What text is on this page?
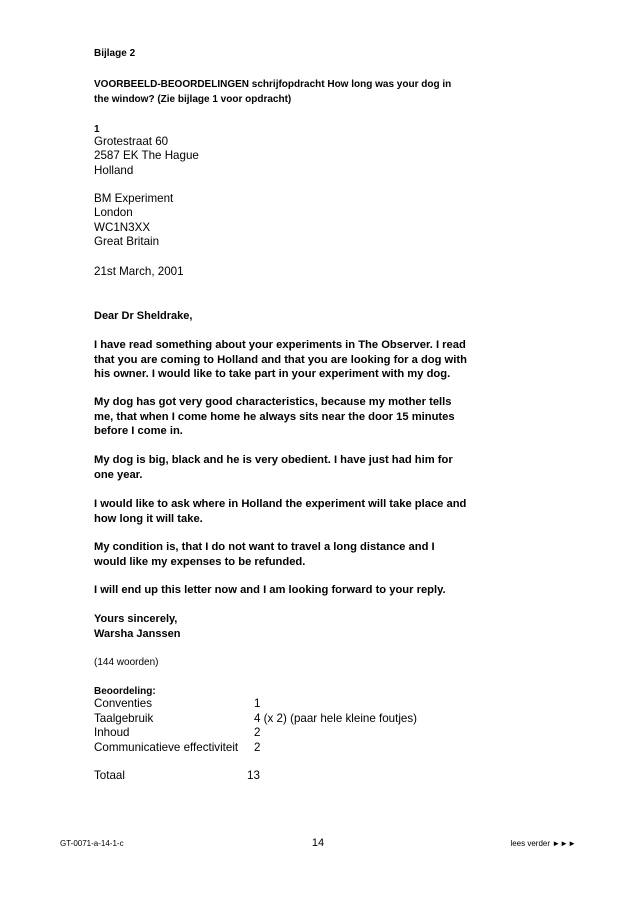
Bijlage 2
VOORBEELD-BEOORDELINGEN schrijfopdracht How long was your dog in
the window? (Zie bijlage 1 voor opdracht)
1
Grotestraat 60
2587 EK The Hague
Holland
BM Experiment
London
WC1N3XX
Great Britain
21st March, 2001
Dear Dr Sheldrake,
I have read something about your experiments in The Observer. I read
that you are coming to Holland and that you are looking for a dog with
his owner. I would like to take part in your experiment with my dog.
My dog has got very good characteristics, because my mother tells
me, that when I come home he always sits near the door 15 minutes
before I come in.
My dog is big, black and he is very obedient. I have just had him for
one year.
I would like to ask where in Holland the experiment will take place and
how long it will take.
My condition is, that I do not want to travel a long distance and I
would like my expenses to be refunded.
I will end up this letter now and I am looking forward to your reply.
Yours sincerely,
Warsha Janssen
(144 woorden)
Beoordeling:
Conventies	1
Taalgebruik	4 (x 2) (paar hele kleine foutjes)
Inhoud	2
Communicatieve effectiviteit 2
Totaal	13
GT-0071-a-14-1-c	14	lees verder ►►►
